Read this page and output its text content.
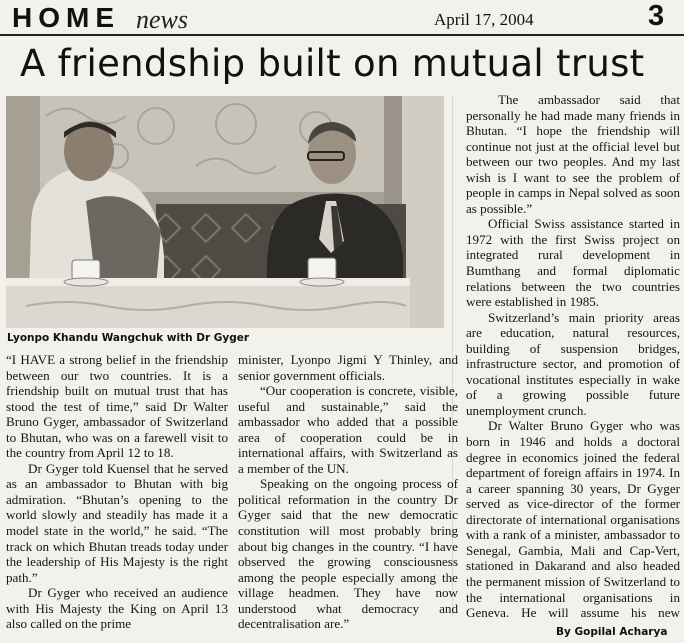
HOME news	April 17, 2004	3
A friendship built on mutual trust
Lyonpo Khandu Wangchuk with Dr Gyger

“I HAVE a strong belief in the friendship between our two countries. It is a friendship built on mutual trust that has stood the test of time,” said Dr Walter Bruno Gyger, ambassador of Switzerland to Bhutan, who was on a farewell visit to the country from April 12 to 18.

Dr Gyger told Kuensel that he served as an ambassador to Bhutan with big admiration. “Bhutan’s opening to the world slowly and steadily has made it a model state in the world,” he said. “The track on which Bhutan treads today under the leadership of His Majesty is the right path.”

Dr Gyger who received an audience with His Majesty the King on April 13 also called on the prime

minister, Lyonpo Jigmi Y Thinley, and senior government officials.

“Our cooperation is concrete, visible, useful and sustainable,” said the ambassador who added that a possible area of cooperation could be in international affairs, with Switzerland as a member of the UN.

Speaking on the ongoing process of political reformation in the country Dr Gyger said that the new democratic constitution will most probably bring about big changes in the country. “I have observed the growing consciousness among the people especially among the village headmen. They have now understood what democracy and decentralisation are.”

The ambassador said that personally he had made many friends in Bhutan. “I hope the friendship will continue not just at the official level but between our two peoples. And my last wish is I want to see the problem of people in camps in Nepal solved as soon as possible.”

Official Swiss assistance started in 1972 with the first Swiss project on integrated rural development in Bumthang and formal diplomatic relations between the two countries were established in 1985.

Switzerland’s main priority areas are education, natural resources, building of suspension bridges, infrastructure sector, and promotion of vocational institutes especially in wake of a growing possible future unemployment crunch.

Dr Walter Bruno Gyger who was born in 1946 and holds a doctoral degree in economics joined the federal department of foreign affairs in 1974. In a career spanning 30 years, Dr Gyger served as vice-director of the former directorate of international organisations with a rank of a minister, ambassador to Senegal, Gambia, Mali and Cap-Vert, stationed in Dakarand and also headed the permanent mission of Switzerland to the international organisations in Geneva. He will assume his new

By Gopilal Acharya
